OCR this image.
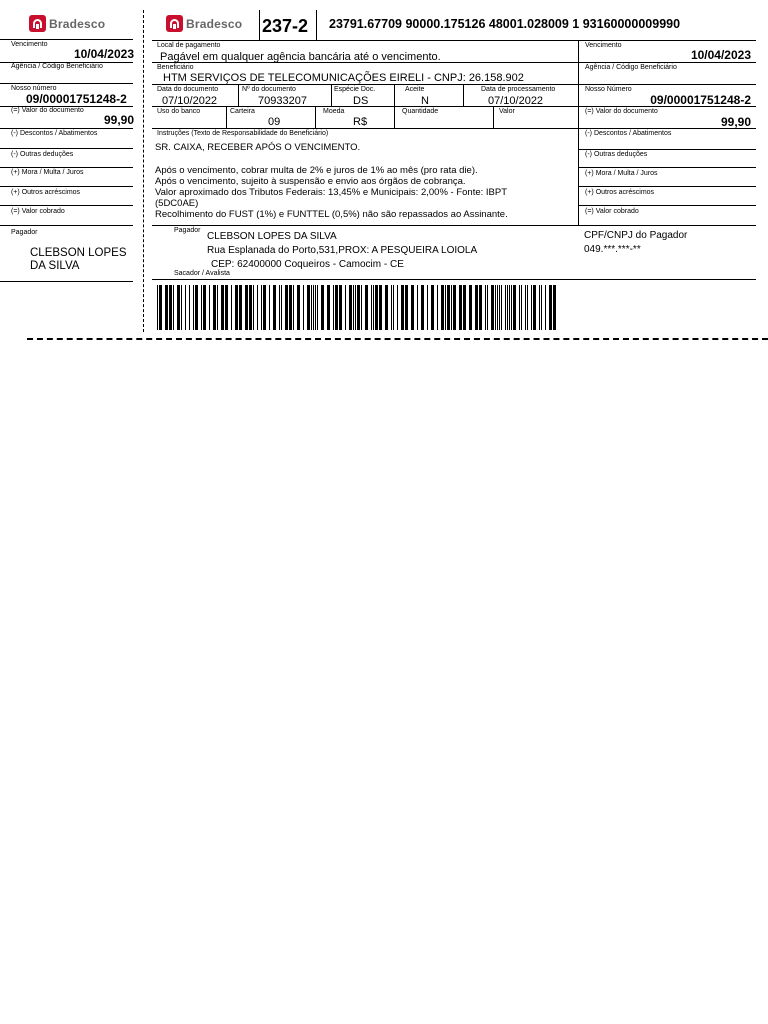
Bradesco
Vencimento
10/04/2023
Agência / Código Beneficiário
Nosso número
09/00001751248-2
(=) Valor do documento
99,90
(-) Descontos / Abatimentos
(-) Outras deduções
(+) Mora / Multa / Juros
(+) Outros acréscimos
(=) Valor cobrado
Pagador
CLEBSON LOPES
DA SILVA
Bradesco 237-2 23791.67709 90000.175126 48001.028009 1 93160000009990
Local de pagamento
Pagável em qualquer agência bancária até o vencimento.
Beneficiário
HTM SERVIÇOS DE TELECOMUNICAÇÕES EIRELI - CNPJ: 26.158.902
Data do documento
07/10/2022
Nº do documento
70933207
Espécie Doc.
DS
Aceite
N
Data de processamento
07/10/2022
Uso do banco	Carteira
09
Moeda
R$
Quantidade	Valor
Instruções (Texto de Responsabilidade do Beneficiário)
SR. CAIXA, RECEBER APÓS O VENCIMENTO.
Após o vencimento, cobrar multa de 2% e juros de 1% ao mês (pro rata die).
Após o vencimento, sujeito à suspensão e envio aos órgãos de cobrança.
Valor aproximado dos Tributos Federais: 13,45% e Municipais: 2,00% - Fonte: IBPT
(5DC0AE)
Recolhimento do FUST (1%) e FUNTTEL (0,5%) não são repassados ao Assinante.
Pagador
CLEBSON LOPES DA SILVA
Rua Esplanada do Porto,531,PROX: A PESQUEIRA LOIOLA
CEP: 62400000 Coqueiros - Camocim - CE
Sacador / Avalista
Vencimento
10/04/2023
Agência / Código Beneficiário
Nosso Número
09/00001751248-2
(=) Valor do documento
99,90
(-) Descontos / Abatimentos
(-) Outras deduções
(+) Mora / Multa / Juros
(+) Outros acréscimos
(=) Valor cobrado
CPF/CNPJ do Pagador
049.***.***-**
